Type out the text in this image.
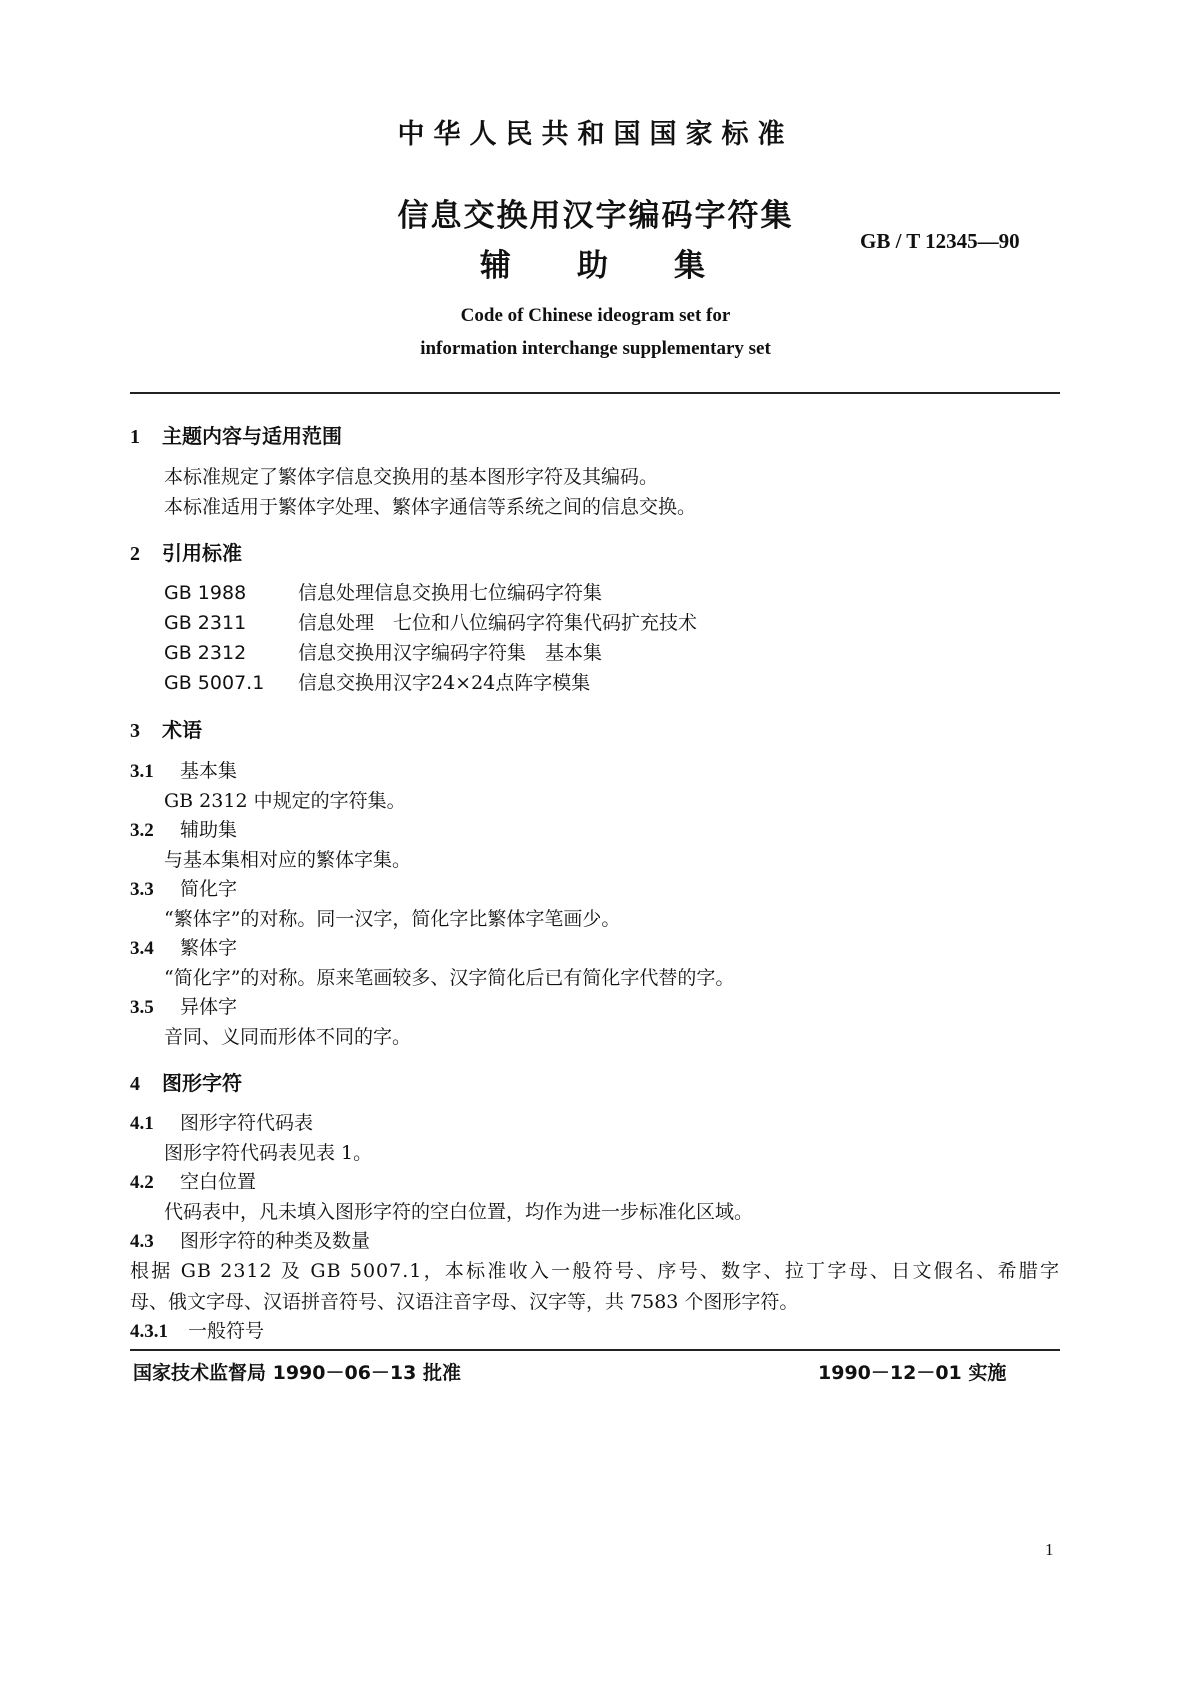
中华人民共和国国家标准
信息交换用汉字编码字符集
辅助集
GB / T 12345—90
Code of Chinese ideogram set for
information interchange supplementary set
1 主题内容与适用范围
本标准规定了繁体字信息交换用的基本图形字符及其编码。
本标准适用于繁体字处理、繁体字通信等系统之间的信息交换。
2 引用标准
GB 1988	信息处理信息交换用七位编码字符集
GB 2311	信息处理　七位和八位编码字符集代码扩充技术
GB 2312	信息交换用汉字编码字符集　基本集
GB 5007.1 信息交换用汉字24×24点阵字模集
3 术语
3.1 基本集
GB 2312 中规定的字符集。
3.2 辅助集
与基本集相对应的繁体字集。
3.3 简化字
“繁体字”的对称。同一汉字，简化字比繁体字笔画少。
3.4 繁体字
“简化字”的对称。原来笔画较多、汉字简化后已有简化字代替的字。
3.5 异体字
音同、义同而形体不同的字。
4 图形字符
4.1 图形字符代码表
图形字符代码表见表 1。
4.2 空白位置
代码表中，凡未填入图形字符的空白位置，均作为进一步标准化区域。
4.3 图形字符的种类及数量
根据 GB 2312 及 GB 5007.1，本标准收入一般符号、序号、数字、拉丁字母、日文假名、希腊字
母、俄文字母、汉语拼音符号、汉语注音字母、汉字等，共 7583 个图形字符。
4.3.1 一般符号
国家技术监督局 1990－06－13 批准	1990－12－01 实施
1
